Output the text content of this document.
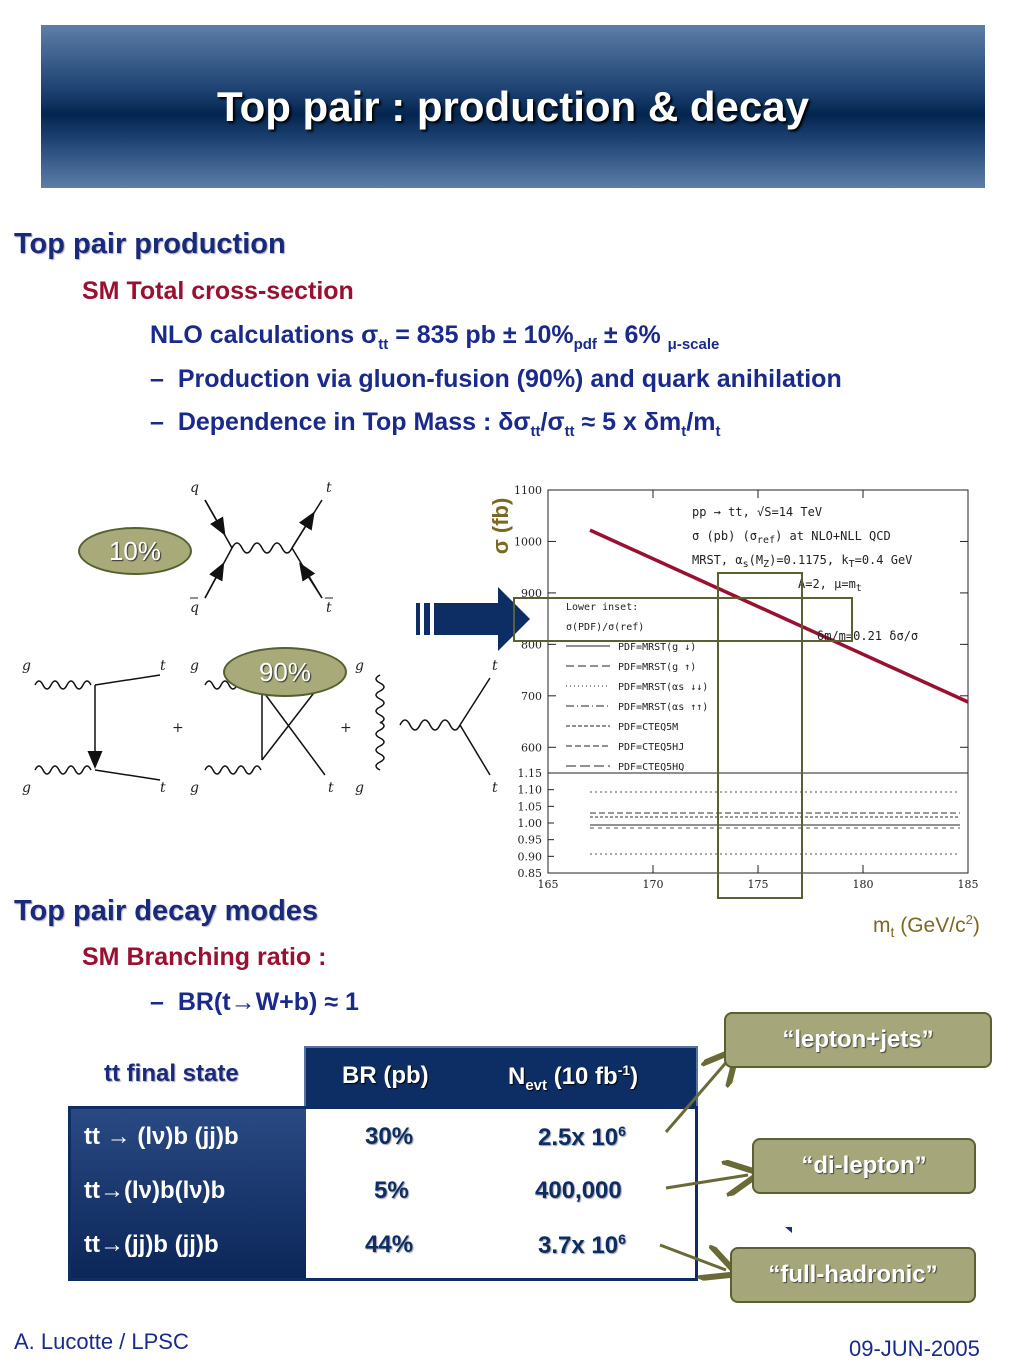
Top pair : production & decay
Top pair production
SM Total cross-section
NLO calculations $\sigma_{tt} = 835$ pb ± $10\%_{pdf} \pm 6\%$ $_{\mu-scale}$
– Production via gluon-fusion (90%) and quark anihilation
– Dependence in Top Mass : $\delta\sigma_{tt}/\sigma_{tt} \approx 5$ x $\delta m_t/m_t$
q
q
t
t
g
g
t
t
+
g
g	t
+
g
g
t
t
10%
90%
600
700
800
900
1000
1100
0.85
0.90
0.95
1.00
1.05
1.10
1.15
165	170	175	180	185
pp → tt, √S=14 TeV
σ (pb) $(\sigma_{ref})$ at NLO+NLL QCD
MRST, $\alpha_s(M_Z)=0.1175$, $k_T=0.4$ GeV
A=2, $\mu=m_t$
δm/m=0.21 δσ/σ
Lower inset:
σ(PDF)/σ(ref)
PDF=MRST(g ↓)
PDF=MRST(g ↑)
PDF=MRST(αs ↓↓)
PDF=MRST(αs ↑↑)
PDF=CTEQ5M
PDF=CTEQ5HJ
PDF=CTEQ5HQ
σ (fb)
$m_t$ $(GeV/c^2)$
Top pair decay modes
SM Branching ratio :
– BR(t→W+b) ≈ 1
tt final state	BR (pb)	$N_{evt}$ (10 $fb^{-1}$)
tt → (lν)b (jj)b	30%	2.5x $10^6$
tt→(lν)b(lν)b	5%	400,000
tt→(jj)b (jj)b	44%	3.7x $10^6$
“lepton+jets”
“di-lepton”
“full-hadronic”
A. Lucotte / LPSC	09-JUN-2005
